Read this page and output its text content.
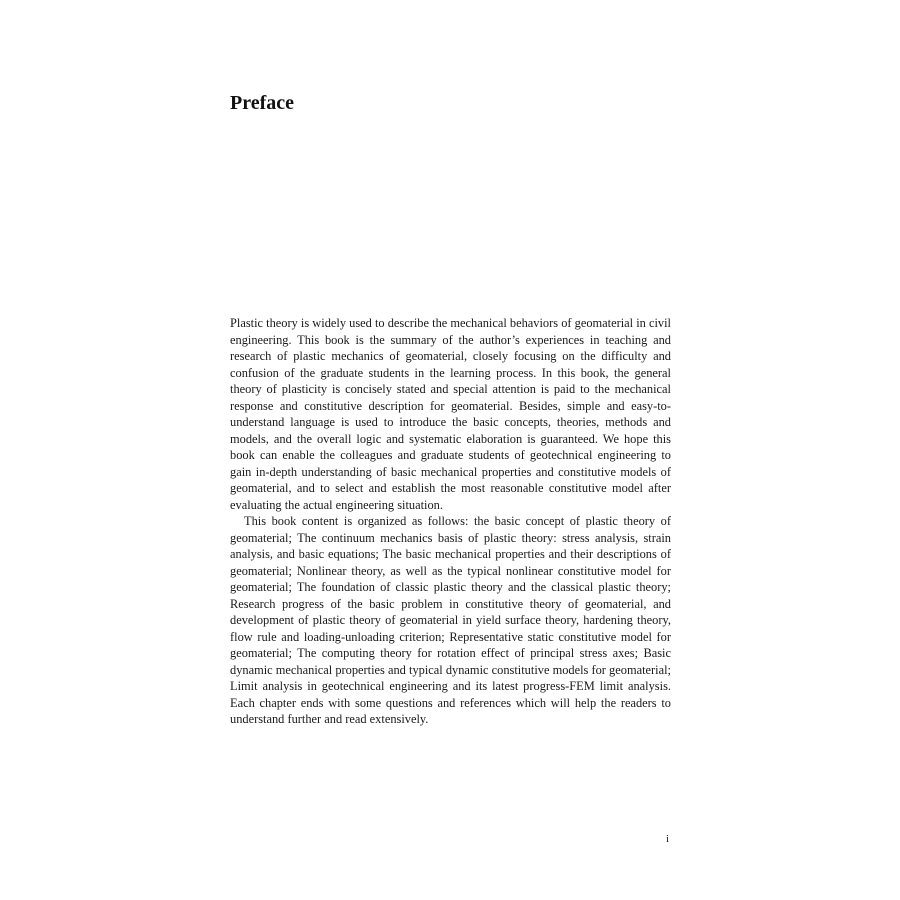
Preface

Plastic theory is widely used to describe the mechanical behaviors of geomaterial in civil engineering. This book is the summary of the author’s experiences in teaching and research of plastic mechanics of geomaterial, closely focusing on the difficulty and confusion of the graduate students in the learning process. In this book, the general theory of plasticity is concisely stated and special attention is paid to the mechanical response and constitutive description for geomaterial. Besides, simple and easy-to-understand language is used to introduce the basic concepts, theories, methods and models, and the overall logic and systematic elaboration is guaranteed. We hope this book can enable the colleagues and graduate students of geotechnical engineering to gain in-depth understanding of basic mechanical properties and constitutive models of geomaterial, and to select and establish the most reasonable constitutive model after evaluating the actual engineering situation.

This book content is organized as follows: the basic concept of plastic theory of geomaterial; The continuum mechanics basis of plastic theory: stress analysis, strain analysis, and basic equations; The basic mechanical properties and their descriptions of geomaterial; Nonlinear theory, as well as the typical nonlinear constitutive model for geomaterial; The foundation of classic plastic theory and the classical plastic theory; Research progress of the basic problem in constitutive theory of geomaterial, and development of plastic theory of geomaterial in yield surface theory, hardening theory, flow rule and loading-unloading criterion; Representative static constitutive model for geomaterial; The computing theory for rotation effect of principal stress axes; Basic dynamic mechanical properties and typical dynamic constitutive models for geomaterial; Limit analysis in geotechnical engineering and its latest progress-FEM limit analysis. Each chapter ends with some questions and references which will help the readers to understand further and read extensively.

i
